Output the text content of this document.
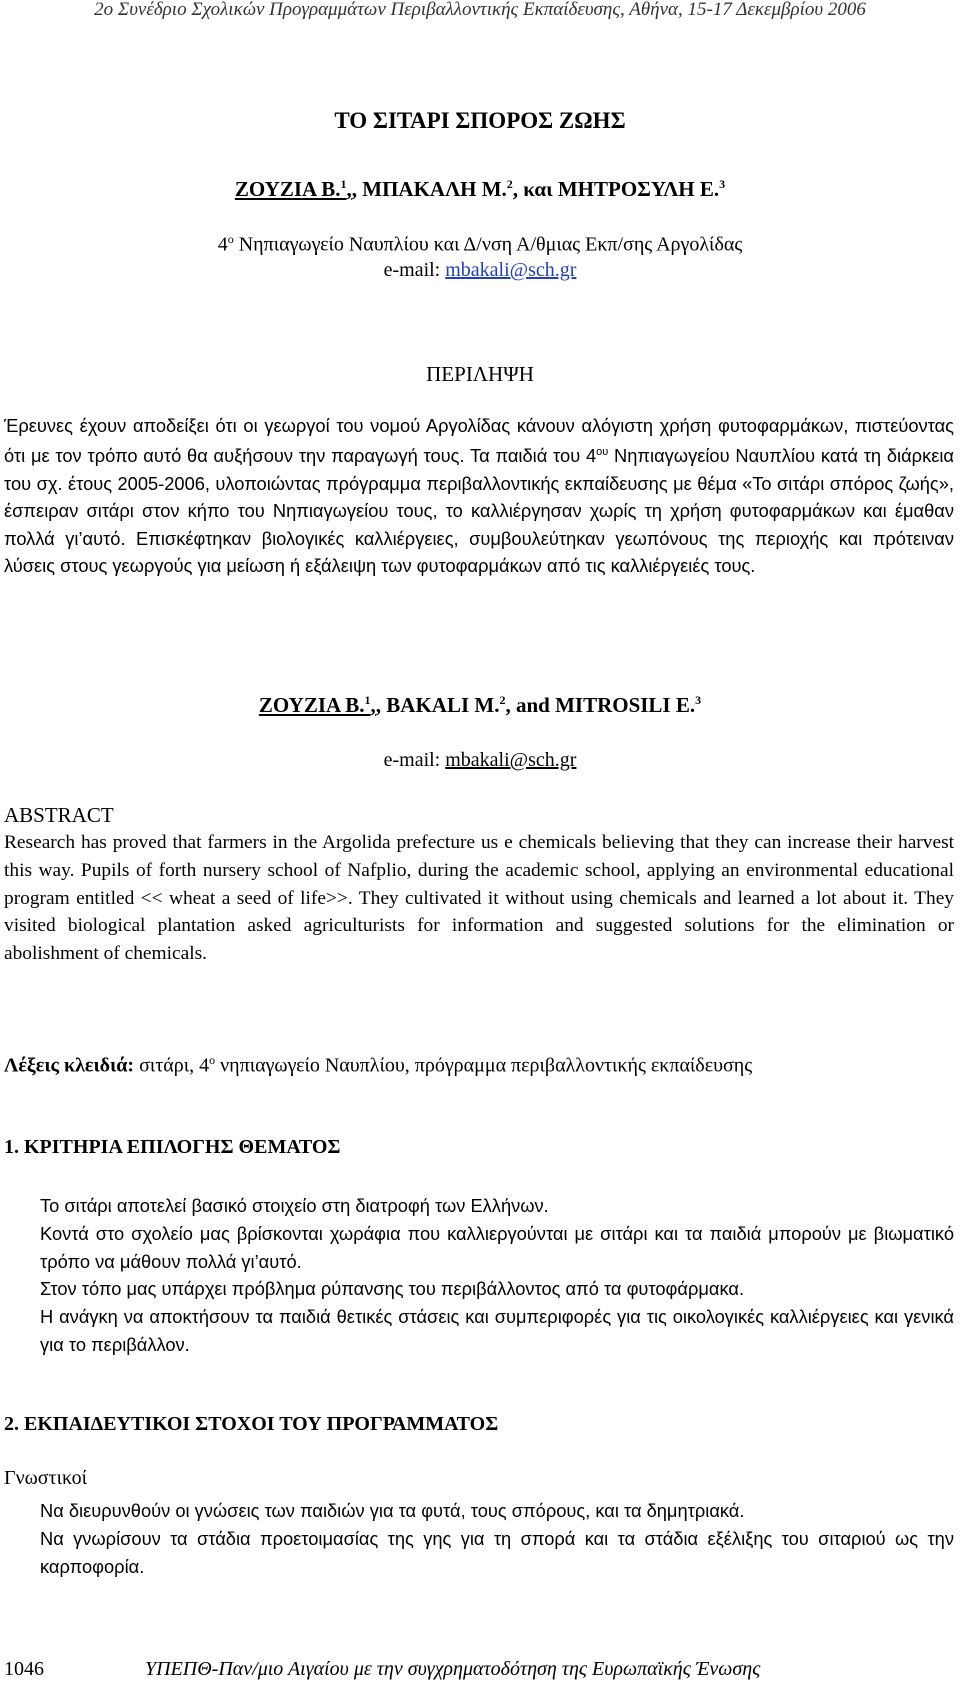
2ο Συνέδριο Σχολικών Προγραμμάτων Περιβαλλοντικής Εκπαίδευσης, Αθήνα, 15-17 Δεκεμβρίου 2006
ΤΟ ΣΙΤΑΡΙ ΣΠΟΡΟΣ ΖΩΗΣ
ΖΟΥΖΙΑ Β.$^1$,, ΜΠΑΚΑΛΗ Μ.$^2$, και ΜΗΤΡΟΣΥΛΗ Ε.$^3$
$4^o$ Νηπιαγωγείο Ναυπλίου και Δ/νση Α/θμιας Εκπ/σης Αργολίδας
e-mail: mbakali@sch.gr
ΠΕΡΙΛΗΨΗ

Έρευνες έχουν αποδείξει ότι οι γεωργοί του νομού Αργολίδας κάνουν αλόγιστη χρήση φυτοφαρμάκων, πιστεύοντας ότι με τον τρόπο αυτό θα αυξήσουν την παραγωγή τους. Τα παιδιά του $4^{o\upsilon}$ Νηπιαγωγείου Ναυπλίου κατά τη διάρκεια του σχ. έτους 2005-2006, υλοποιώντας πρόγραμμα περιβαλλοντικής εκπαίδευσης με θέμα «Το σιτάρι σπόρος ζωής», έσπειραν σιτάρι στον κήπο του Νηπιαγωγείου τους, το καλλιέργησαν χωρίς τη χρήση φυτοφαρμάκων και έμαθαν πολλά γι’αυτό. Επισκέφτηκαν βιολογικές καλλιέργειες, συμβουλεύτηκαν γεωπόνους της περιοχής και πρότειναν λύσεις στους γεωργούς για μείωση ή εξάλειψη των φυτοφαρμάκων από τις καλλιέργειές τους.

ΖΟΥΖΙΑ Β.$^1$,, BAKALI M.$^2$, and MITROSILI E.$^3$
e-mail: mbakali@sch.gr
ABSTRACT

Research has proved that farmers in the Argolida prefecture us e chemicals believing that they can increase their harvest this way. Pupils of forth nursery school of Nafplio, during the academic school, applying an environmental educational program entitled << wheat a seed of life>>. They cultivated it without using chemicals and learned a lot about it. They visited biological plantation asked agriculturists for information and suggested solutions for the elimination or abolishment of chemicals.

Λέξεις κλειδιά: σιτάρι, $4^o$ νηπιαγωγείο Ναυπλίου, πρόγραμμα περιβαλλοντικής εκπαίδευσης
1. ΚΡΙΤΗΡΙΑ ΕΠΙΛΟΓΗΣ ΘΕΜΑΤΟΣ
Το σιτάρι αποτελεί βασικό στοιχείο στη διατροφή των Ελλήνων.
Κοντά στο σχολείο μας βρίσκονται χωράφια που καλλιεργούνται με σιτάρι και τα παιδιά μπορούν με βιωματικό τρόπο να μάθουν πολλά γι’αυτό.
Στον τόπο μας υπάρχει πρόβλημα ρύπανσης του περιβάλλοντος από τα φυτοφάρμακα.
Η ανάγκη να αποκτήσουν τα παιδιά θετικές στάσεις και συμπεριφορές για τις οικολογικές καλλιέργειες και γενικά για το περιβάλλον.
2. ΕΚΠΑΙΔΕΥΤΙΚΟΙ ΣΤΟΧΟΙ ΤΟΥ ΠΡΟΓΡΑΜΜΑΤΟΣ
Γνωστικοί
Να διευρυνθούν οι γνώσεις των παιδιών για τα φυτά, τους σπόρους, και τα δημητριακά.
Να γνωρίσουν τα στάδια προετοιμασίας της γης για τη σπορά και τα στάδια εξέλιξης του σιταριού ως την καρποφορία.
1046	ΥΠΕΠΘ-Παν/μιο Αιγαίου με την συγχρηματοδότηση της Ευρωπαϊκής Ένωσης
